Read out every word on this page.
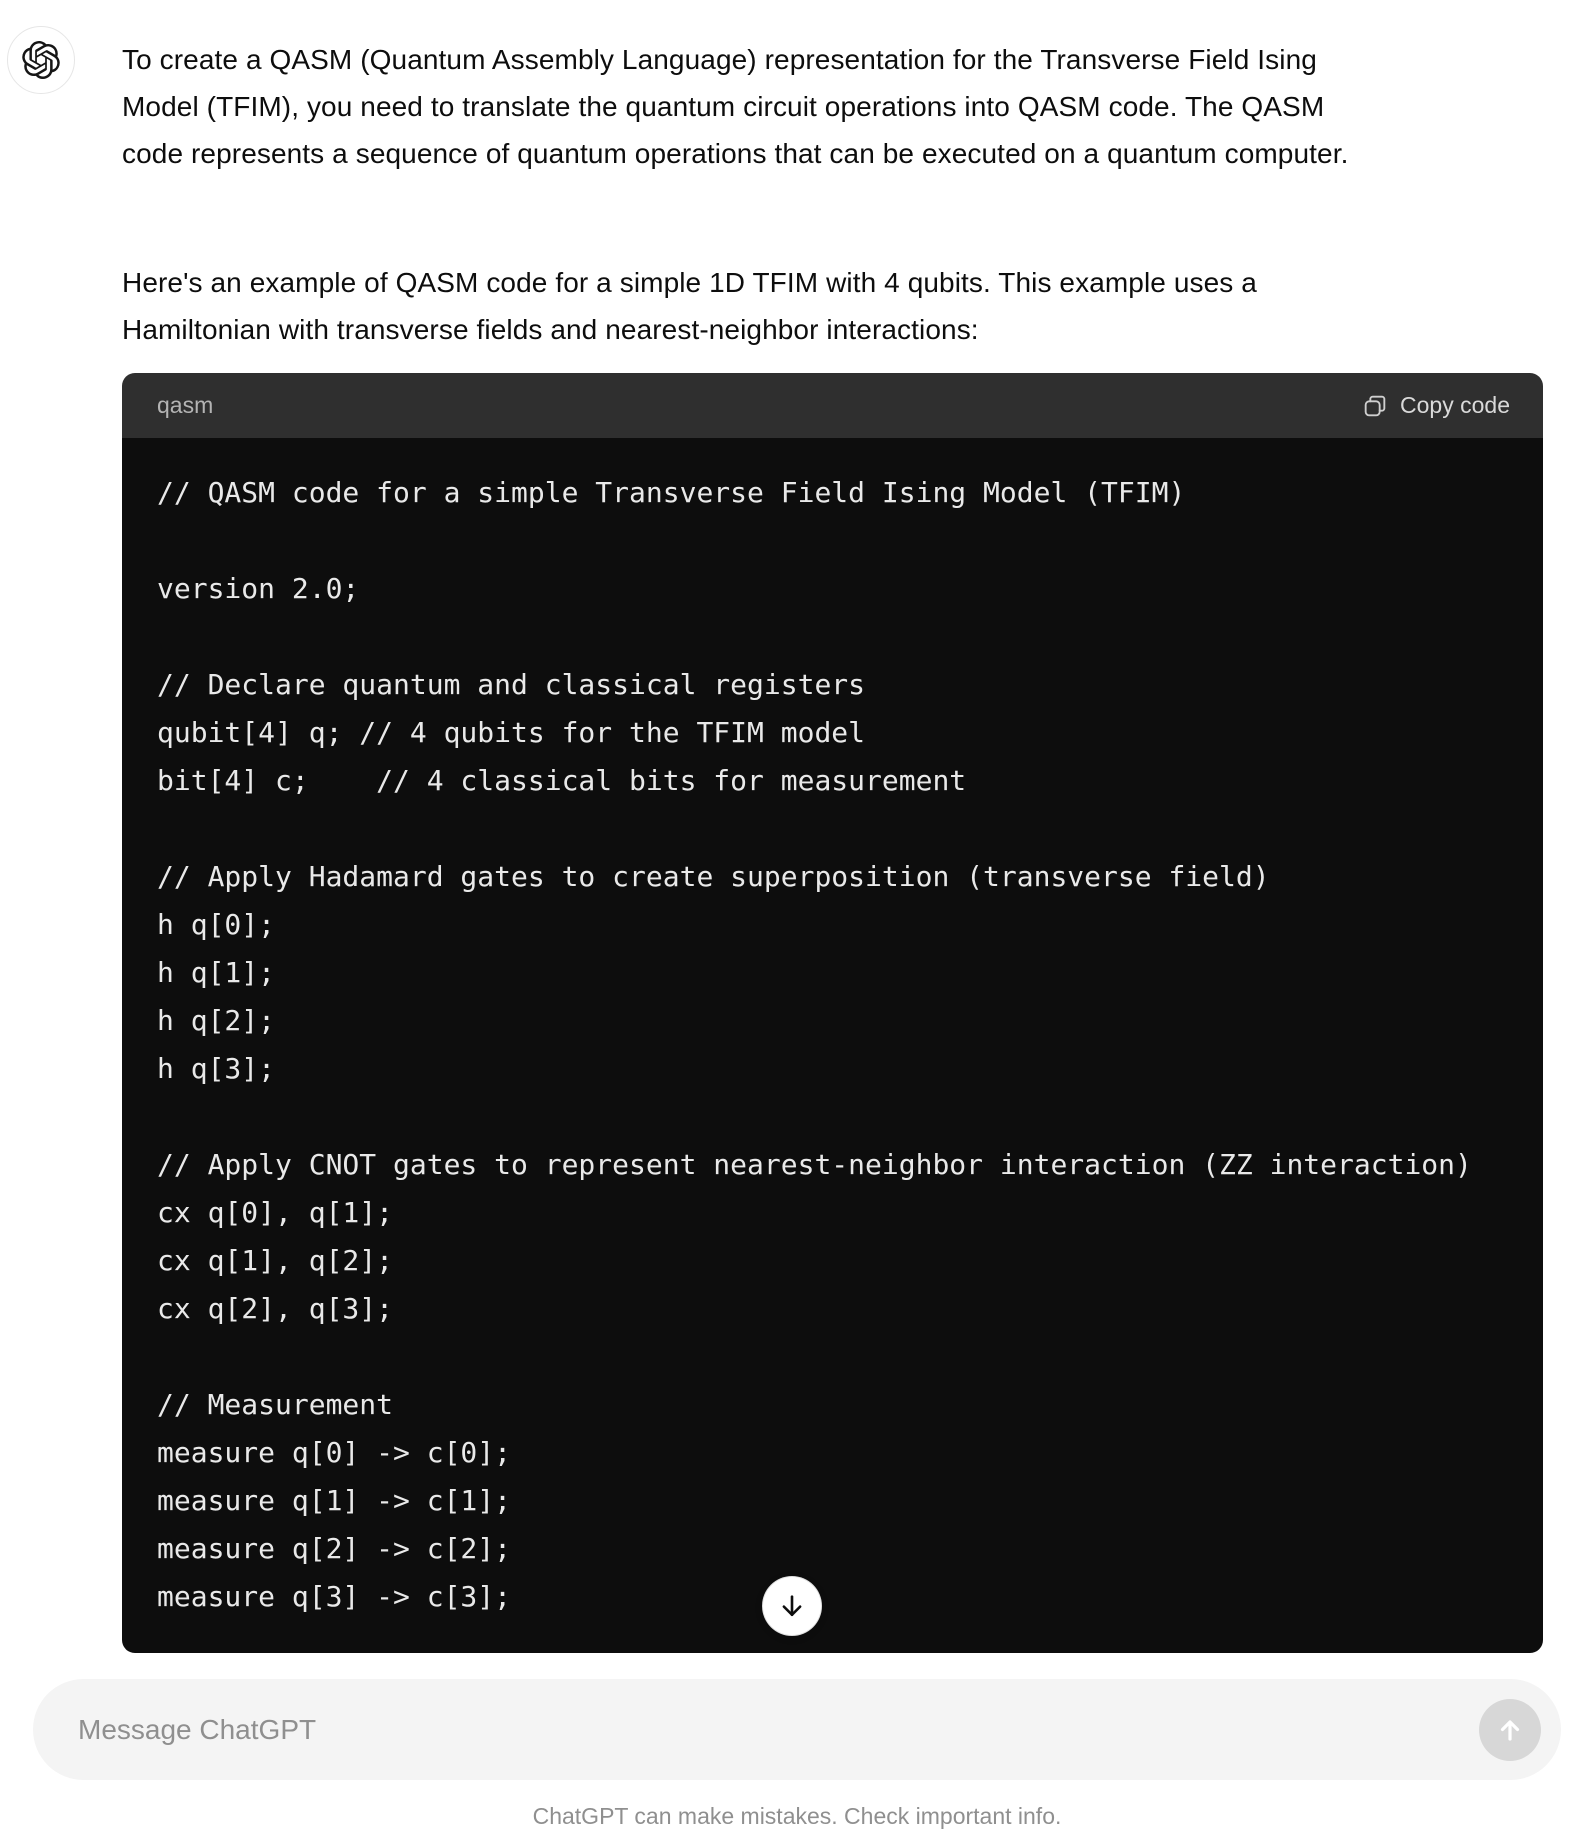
To create a QASM (Quantum Assembly Language) representation for the Transverse Field Ising
Model (TFIM), you need to translate the quantum circuit operations into QASM code. The QASM
code represents a sequence of quantum operations that can be executed on a quantum computer.
Here's an example of QASM code for a simple 1D TFIM with 4 qubits. This example uses a
Hamiltonian with transverse fields and nearest-neighbor interactions:
qasm	Copy code
// QASM code for a simple Transverse Field Ising Model (TFIM)
version 2.0;
// Declare quantum and classical registers
qubit[4] q; // 4 qubits for the TFIM model
bit[4] c;    // 4 classical bits for measurement
// Apply Hadamard gates to create superposition (transverse field)
h q[0];
h q[1];
h q[2];
h q[3];
// Apply CNOT gates to represent nearest-neighbor interaction (ZZ interaction)
cx q[0], q[1];
cx q[1], q[2];
cx q[2], q[3];
// Measurement
measure q[0] -> c[0];
measure q[1] -> c[1];
measure q[2] -> c[2];
measure q[3] -> c[3];
Message ChatGPT
ChatGPT can make mistakes. Check important info.
